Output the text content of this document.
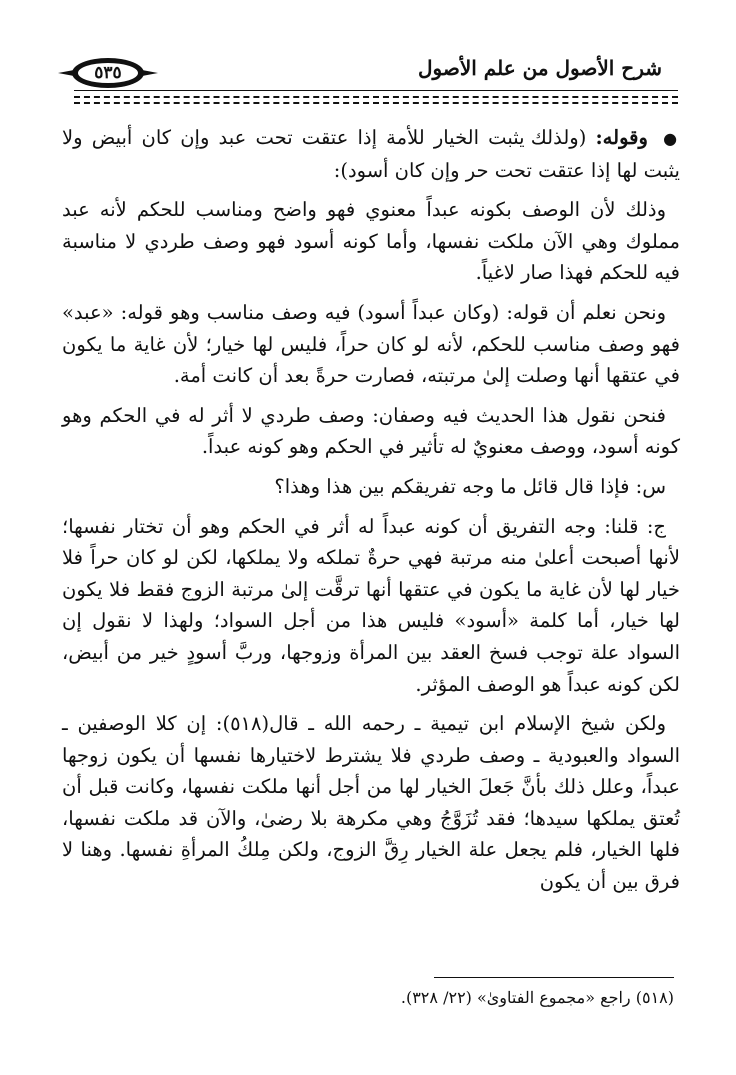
شرح الأصول من علم الأصول
٥٣٥

● وقوله: (ولذلك يثبت الخيار للأمة إذا عتقت تحت عبد وإن كان أبيض ولا يثبت لها إذا عتقت تحت حر وإن كان أسود):

وذلك لأن الوصف بكونه عبداً معنوي فهو واضح ومناسب للحكم لأنه عبد مملوك وهي الآن ملكت نفسها، وأما كونه أسود فهو وصف طردي لا مناسبة فيه للحكم فهذا صار لاغياً.

ونحن نعلم أن قوله: (وكان عبداً أسود) فيه وصف مناسب وهو قوله: «عبد» فهو وصف مناسب للحكم، لأنه لو كان حراً، فليس لها خيار؛ لأن غاية ما يكون في عتقها أنها وصلت إلىٰ مرتبته، فصارت حرةً بعد أن كانت أمة.

فنحن نقول هذا الحديث فيه وصفان: وصف طردي لا أثر له في الحكم وهو كونه أسود، ووصف معنويٌ له تأثير في الحكم وهو كونه عبداً.

س: فإذا قال قائل ما وجه تفريقكم بين هذا وهذا؟

ج: قلنا: وجه التفريق أن كونه عبداً له أثر في الحكم وهو أن تختار نفسها؛ لأنها أصبحت أعلىٰ منه مرتبة فهي حرةٌ تملكه ولا يملكها، لكن لو كان حراً فلا خيار لها لأن غاية ما يكون في عتقها أنها ترقَّت إلىٰ مرتبة الزوج فقط فلا يكون لها خيار، أما كلمة «أسود» فليس هذا من أجل السواد؛ ولهذا لا نقول إن السواد علة توجب فسخ العقد بين المرأة وزوجها، وربَّ أسودٍ خير من أبيض، لكن كونه عبداً هو الوصف المؤثر.

ولكن شيخ الإسلام ابن تيمية ـ رحمه الله ـ قال(٥١٨): إن كلا الوصفين ـ السواد والعبودية ـ وصف طردي فلا يشترط لاختيارها نفسها أن يكون زوجها عبداً، وعلل ذلك بأنَّ جَعلَ الخيار لها من أجل أنها ملكت نفسها، وكانت قبل أن تُعتق يملكها سيدها؛ فقد تُزَوَّجُ وهي مكرهة بلا رضىٰ، والآن قد ملكت نفسها، فلها الخيار، فلم يجعل علة الخيار رِقَّ الزوج، ولكن مِلكُ المرأةِ نفسها. وهنا لا فرق بين أن يكون

(٥١٨) راجع «مجموع الفتاوىٰ» (٢٢/ ٣٢٨).
